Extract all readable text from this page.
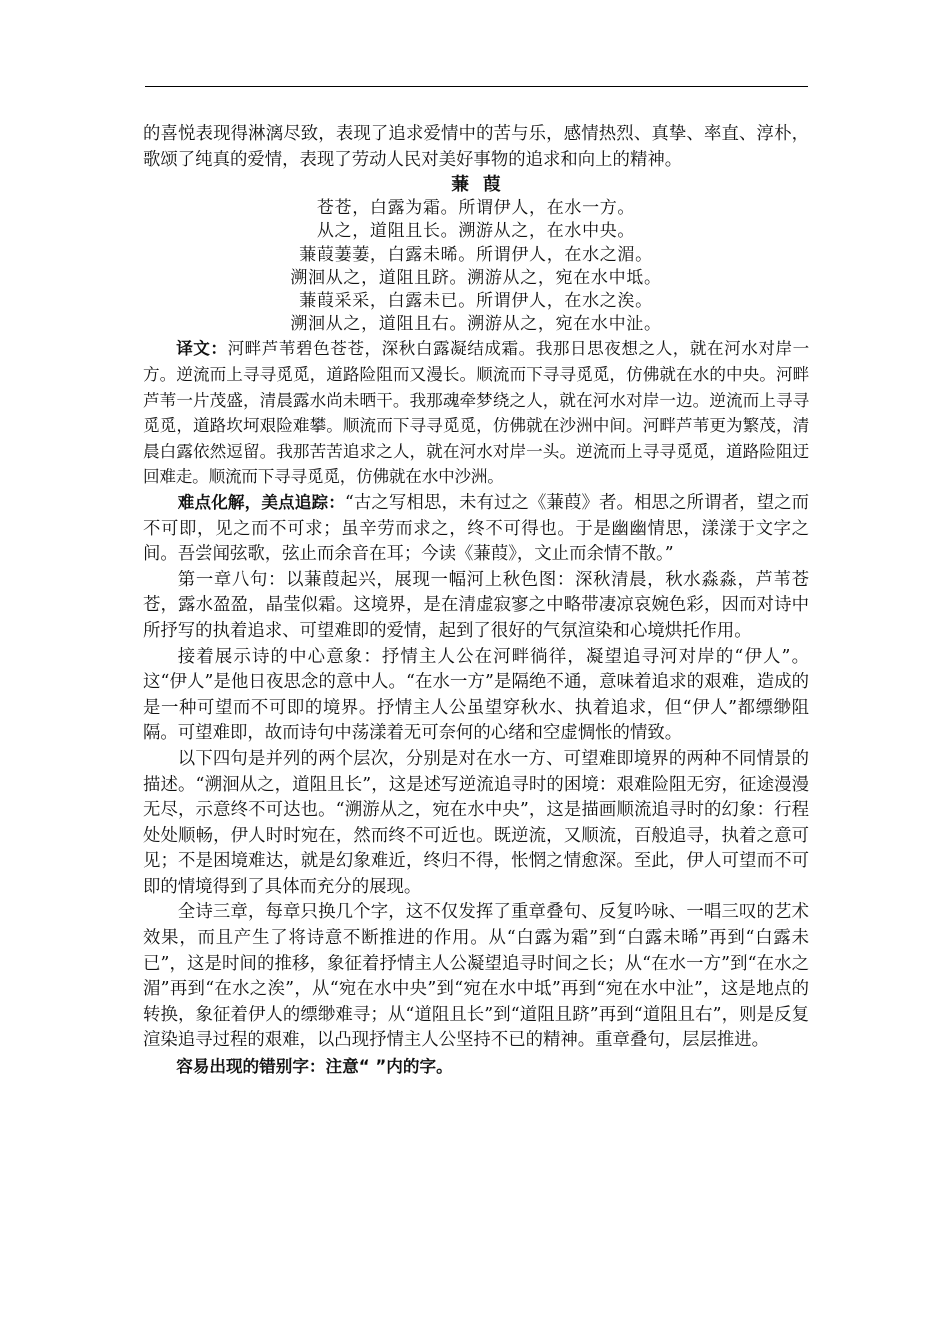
的喜悦表现得淋漓尽致，表现了追求爱情中的苦与乐，感情热烈、真挚、率直、淳朴，歌颂了纯真的爱情，表现了劳动人民对美好事物的追求和向上的精神。

蒹葭

苍苍，白露为霜。所谓伊人，在水一方。

从之，道阻且长。溯游从之，在水中央。

蒹葭萋萋，白露未晞。所谓伊人，在水之湄。

溯洄从之，道阻且跻。溯游从之，宛在水中坻。

蒹葭采采，白露未已。所谓伊人，在水之涘。

溯洄从之，道阻且右。溯游从之，宛在水中沚。

译文：河畔芦苇碧色苍苍，深秋白露凝结成霜。我那日思夜想之人，就在河水对岸一方。逆流而上寻寻觅觅，道路险阻而又漫长。顺流而下寻寻觅觅，仿佛就在水的中央。河畔芦苇一片茂盛，清晨露水尚未晒干。我那魂牵梦绕之人，就在河水对岸一边。逆流而上寻寻觅觅，道路坎坷艰险难攀。顺流而下寻寻觅觅，仿佛就在沙洲中间。河畔芦苇更为繁茂，清晨白露依然逗留。我那苦苦追求之人，就在河水对岸一头。逆流而上寻寻觅觅，道路险阻迂回难走。顺流而下寻寻觅觅，仿佛就在水中沙洲。

难点化解，美点追踪：“古之写相思，未有过之《蒹葭》者。相思之所谓者，望之而不可即，见之而不可求；虽辛劳而求之，终不可得也。于是幽幽情思，漾漾于文字之间。吾尝闻弦歌，弦止而余音在耳；今读《蒹葭》，文止而余情不散。”

第一章八句：以蒹葭起兴，展现一幅河上秋色图：深秋清晨，秋水淼淼，芦苇苍苍，露水盈盈，晶莹似霜。这境界，是在清虚寂寥之中略带凄凉哀婉色彩，因而对诗中所抒写的执着追求、可望难即的爱情，起到了很好的气氛渲染和心境烘托作用。

接着展示诗的中心意象：抒情主人公在河畔徜徉，凝望追寻河对岸的“伊人”。这“伊人”是他日夜思念的意中人。“在水一方”是隔绝不通，意味着追求的艰难，造成的是一种可望而不可即的境界。抒情主人公虽望穿秋水、执着追求，但“伊人”都缥缈阻隔。可望难即，故而诗句中荡漾着无可奈何的心绪和空虚惆怅的情致。

以下四句是并列的两个层次，分别是对在水一方、可望难即境界的两种不同情景的描述。“溯洄从之，道阻且长”，这是述写逆流追寻时的困境：艰难险阻无穷，征途漫漫无尽，示意终不可达也。“溯游从之，宛在水中央”，这是描画顺流追寻时的幻象：行程处处顺畅，伊人时时宛在，然而终不可近也。既逆流，又顺流，百般追寻，执着之意可见；不是困境难达，就是幻象难近，终归不得，怅惘之情愈深。至此，伊人可望而不可即的情境得到了具体而充分的展现。

全诗三章，每章只换几个字，这不仅发挥了重章叠句、反复吟咏、一唱三叹的艺术效果，而且产生了将诗意不断推进的作用。从“白露为霜”到“白露未晞”再到“白露未已”，这是时间的推移，象征着抒情主人公凝望追寻时间之长；从“在水一方”到“在水之湄”再到“在水之涘”，从“宛在水中央”到“宛在水中坻”再到“宛在水中沚”，这是地点的转换，象征着伊人的缥缈难寻；从“道阻且长”到“道阻且跻”再到“道阻且右”，则是反复渲染追寻过程的艰难，以凸现抒情主人公坚持不已的精神。重章叠句，层层推进。

容易出现的错别字：注意“ ”内的字。
